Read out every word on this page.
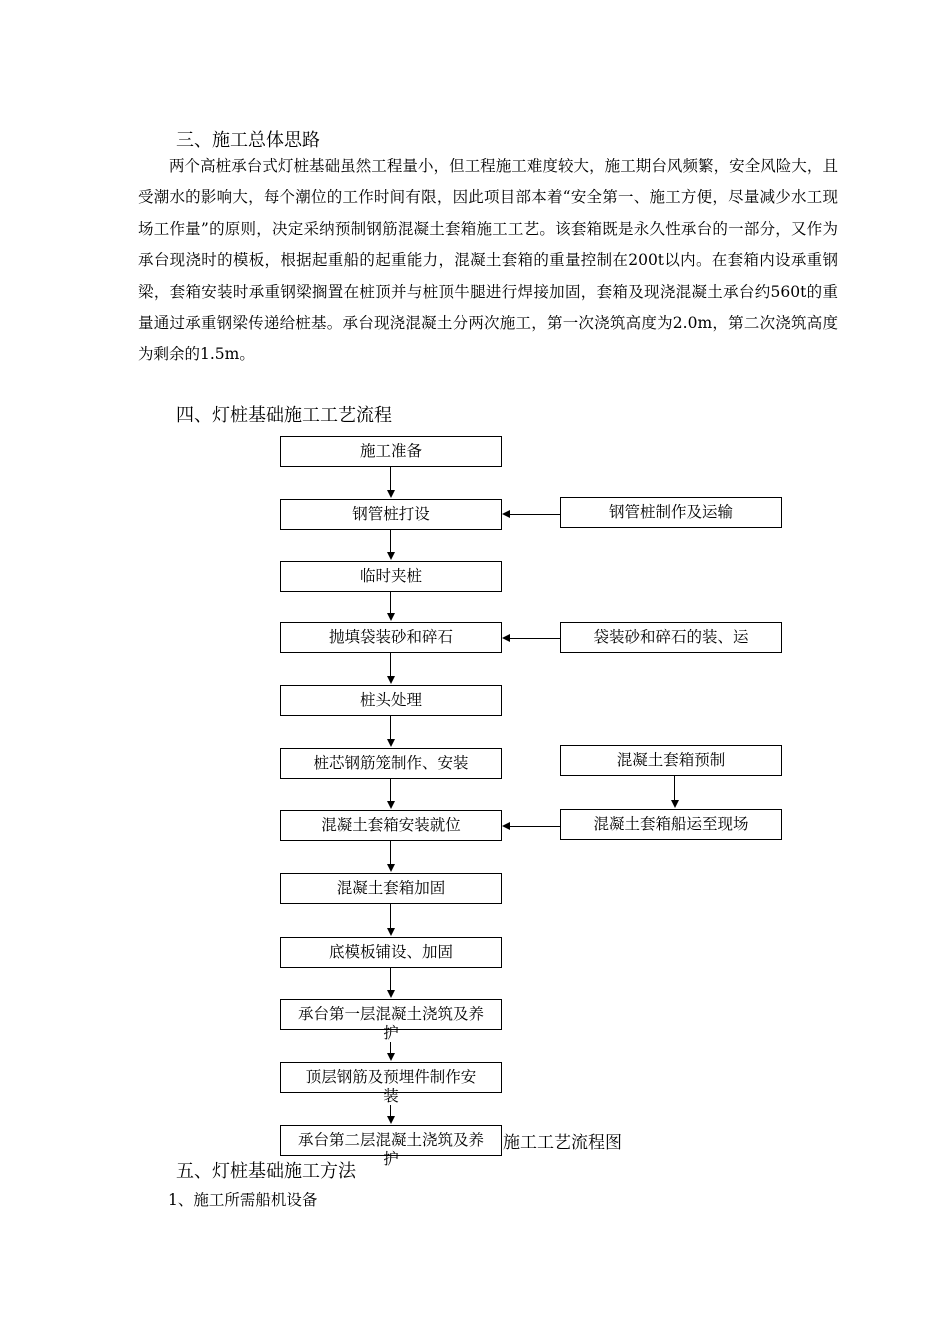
三、施工总体思路

两个高桩承台式灯桩基础虽然工程量小，但工程施工难度较大，施工期台风频繁，安全风险大，且受潮水的影响大，每个潮位的工作时间有限，因此项目部本着“安全第一、施工方便，尽量减少水工现场工作量”的原则，决定采纳预制钢筋混凝土套箱施工工艺。该套箱既是永久性承台的一部分，又作为承台现浇时的模板，根据起重船的起重能力，混凝土套箱的重量控制在200t以内。在套箱内设承重钢梁，套箱安装时承重钢梁搁置在桩顶并与桩顶牛腿进行焊接加固，套箱及现浇混凝土承台约560t的重量通过承重钢梁传递给桩基。承台现浇混凝土分两次施工，第一次浇筑高度为2.0m，第二次浇筑高度为剩余的1.5m。

四、灯桩基础施工工艺流程
施工准备
钢管桩打设
临时夹桩
抛填袋装砂和碎石
桩头处理
桩芯钢筋笼制作、安装
混凝土套箱安装就位
混凝土套箱加固
底模板铺设、加固
承台第一层混凝土浇筑及养
护
顶层钢筋及预埋件制作安
装
承台第二层混凝土浇筑及养
护
钢管桩制作及运输
袋装砂和碎石的装、运
混凝土套箱预制
混凝土套箱船运至现场
施工工艺流程图
五、灯桩基础施工方法
1、施工所需船机设备
